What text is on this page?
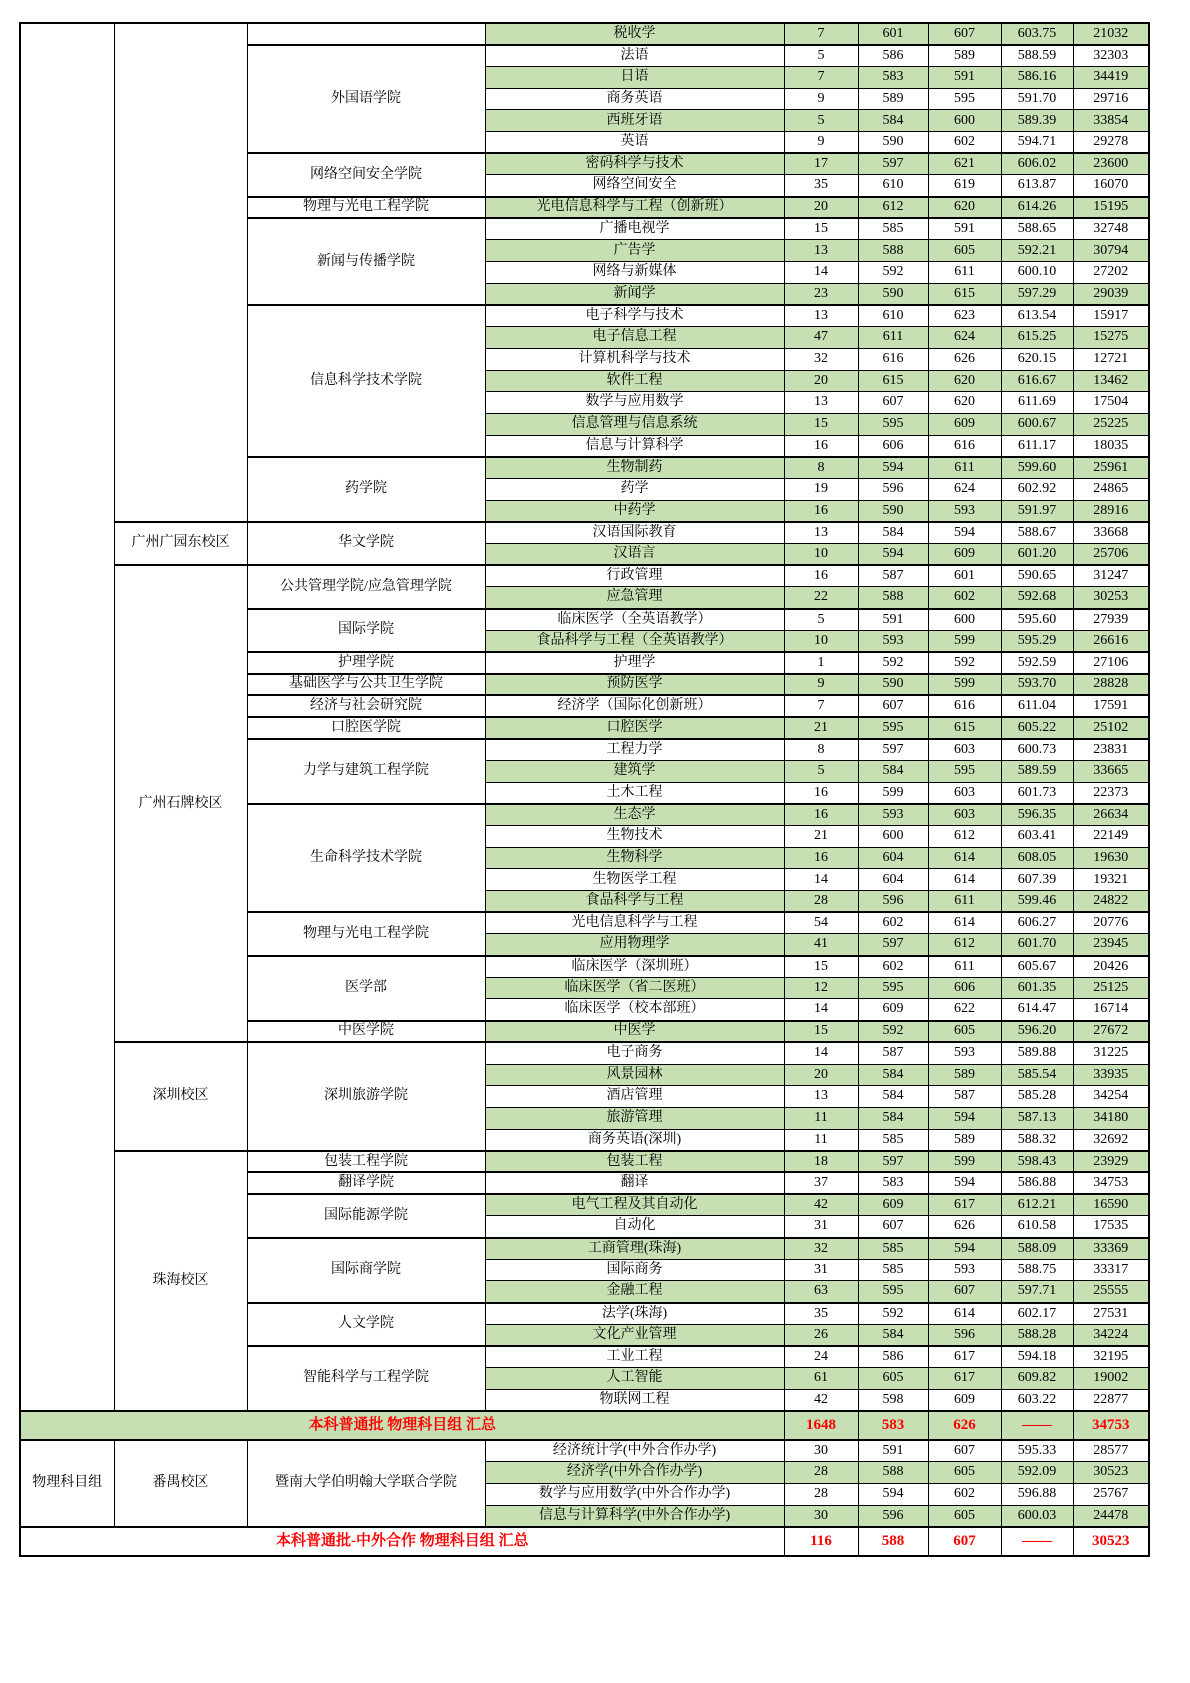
			税收学	7	601	607	603.75	21032
		外国语学院	法语	5	586	589	588.59	32303
			日语	7	583	591	586.16	34419
			商务英语	9	589	595	591.70	29716
			西班牙语	5	584	600	589.39	33854
			英语	9	590	602	594.71	29278
		网络空间安全学院	密码科学与技术	17	597	621	606.02	23600
			网络空间安全	35	610	619	613.87	16070
		物理与光电工程学院	光电信息科学与工程（创新班）	20	612	620	614.26	15195
		新闻与传播学院	广播电视学	15	585	591	588.65	32748
			广告学	13	588	605	592.21	30794
			网络与新媒体	14	592	611	600.10	27202
			新闻学	23	590	615	597.29	29039
		信息科学技术学院	电子科学与技术	13	610	623	613.54	15917
			电子信息工程	47	611	624	615.25	15275
			计算机科学与技术	32	616	626	620.15	12721
			软件工程	20	615	620	616.67	13462
			数学与应用数学	13	607	620	611.69	17504
			信息管理与信息系统	15	595	609	600.67	25225
			信息与计算科学	16	606	616	611.17	18035
		药学院	生物制药	8	594	611	599.60	25961
			药学	19	596	624	602.92	24865
			中药学	16	590	593	591.97	28916
	广州广园东校区	华文学院	汉语国际教育	13	584	594	588.67	33668
			汉语言	10	594	609	601.20	25706
	广州石牌校区	公共管理学院/应急管理学院	行政管理	16	587	601	590.65	31247
			应急管理	22	588	602	592.68	30253
		国际学院	临床医学（全英语教学）	5	591	600	595.60	27939
			食品科学与工程（全英语教学）	10	593	599	595.29	26616
		护理学院	护理学	1	592	592	592.59	27106
		基础医学与公共卫生学院	预防医学	9	590	599	593.70	28828
		经济与社会研究院	经济学（国际化创新班）	7	607	616	611.04	17591
		口腔医学院	口腔医学	21	595	615	605.22	25102
		力学与建筑工程学院	工程力学	8	597	603	600.73	23831
			建筑学	5	584	595	589.59	33665
			土木工程	16	599	603	601.73	22373
		生命科学技术学院	生态学	16	593	603	596.35	26634
			生物技术	21	600	612	603.41	22149
			生物科学	16	604	614	608.05	19630
			生物医学工程	14	604	614	607.39	19321
			食品科学与工程	28	596	611	599.46	24822
		物理与光电工程学院	光电信息科学与工程	54	602	614	606.27	20776
			应用物理学	41	597	612	601.70	23945
		医学部	临床医学（深圳班）	15	602	611	605.67	20426
			临床医学（省二医班）	12	595	606	601.35	25125
			临床医学（校本部班）	14	609	622	614.47	16714
		中医学院	中医学	15	592	605	596.20	27672
	深圳校区	深圳旅游学院	电子商务	14	587	593	589.88	31225
			风景园林	20	584	589	585.54	33935
			酒店管理	13	584	587	585.28	34254
			旅游管理	11	584	594	587.13	34180
			商务英语(深圳)	11	585	589	588.32	32692
	珠海校区	包装工程学院	包装工程	18	597	599	598.43	23929
		翻译学院	翻译	37	583	594	586.88	34753
		国际能源学院	电气工程及其自动化	42	609	617	612.21	16590
			自动化	31	607	626	610.58	17535
		国际商学院	工商管理(珠海)	32	585	594	588.09	33369
			国际商务	31	585	593	588.75	33317
			金融工程	63	595	607	597.71	25555
		人文学院	法学(珠海)	35	592	614	602.17	27531
			文化产业管理	26	584	596	588.28	34224
		智能科学与工程学院	工业工程	24	586	617	594.18	32195
			人工智能	61	605	617	609.82	19002
			物联网工程	42	598	609	603.22	22877
本科普通批 物理科目组 汇总				1648	583	626	——	34753
物理科目组	番禺校区	暨南大学伯明翰大学联合学院	经济统计学(中外合作办学)	30	591	607	595.33	28577
			经济学(中外合作办学)	28	588	605	592.09	30523
			数学与应用数学(中外合作办学)	28	594	602	596.88	25767
			信息与计算科学(中外合作办学)	30	596	605	600.03	24478
本科普通批-中外合作 物理科目组 汇总				116	588	607	——	30523
